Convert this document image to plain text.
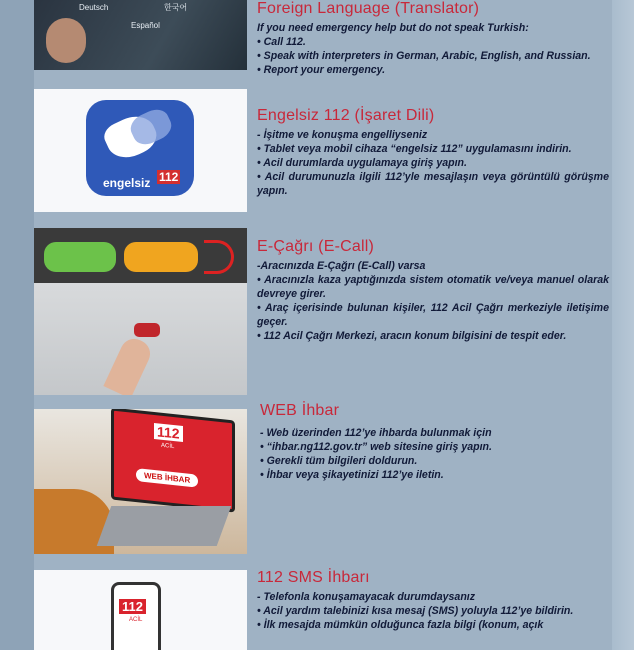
Deutsch
Español
한국어	Foreign Language (Translator)

If you need emergency help but do not speak Turkish:

• Call 112.

• Speak with interpreters in German, Arabic, English, and Russian.

• Report your emergency.

engelsiz 112
Engelsiz 112 (İşaret Dili)

- İşitme ve konuşma engelliyseniz

• Tablet veya mobil cihaza “engelsiz 112” uygulamasını indirin.

• Acil durumlarda uygulamaya giriş yapın.

• Acil durumunuzla ilgili 112’yle mesajlaşın veya görüntülü görüşme yapın.

E-Çağrı (E-Call)

-Aracınızda E-Çağrı (E-Call) varsa

• Aracınızla kaza yaptığınızda sistem otomatik ve/veya manuel olarak devreye girer.

• Araç içerisinde bulunan kişiler, 112 Acil Çağrı merkeziyle iletişime geçer.

• 112 Acil Çağrı Merkezi, aracın konum bilgisini de tespit eder.

112
ACİL
WEB İHBAR
WEB İhbar

- Web üzerinden 112’ye ihbarda bulunmak için

• “ihbar.ng112.gov.tr” web sitesine giriş yapın.

• Gerekli tüm bilgileri doldurun.

• İhbar veya şikayetinizi 112’ye iletin.

112
ACİL
112 SMS İhbarı

- Telefonla konuşamayacak durumdaysanız

• Acil yardım talebinizi kısa mesaj (SMS) yoluyla 112’ye bildirin.

• İlk mesajda mümkün olduğunca fazla bilgi (konum, açık
